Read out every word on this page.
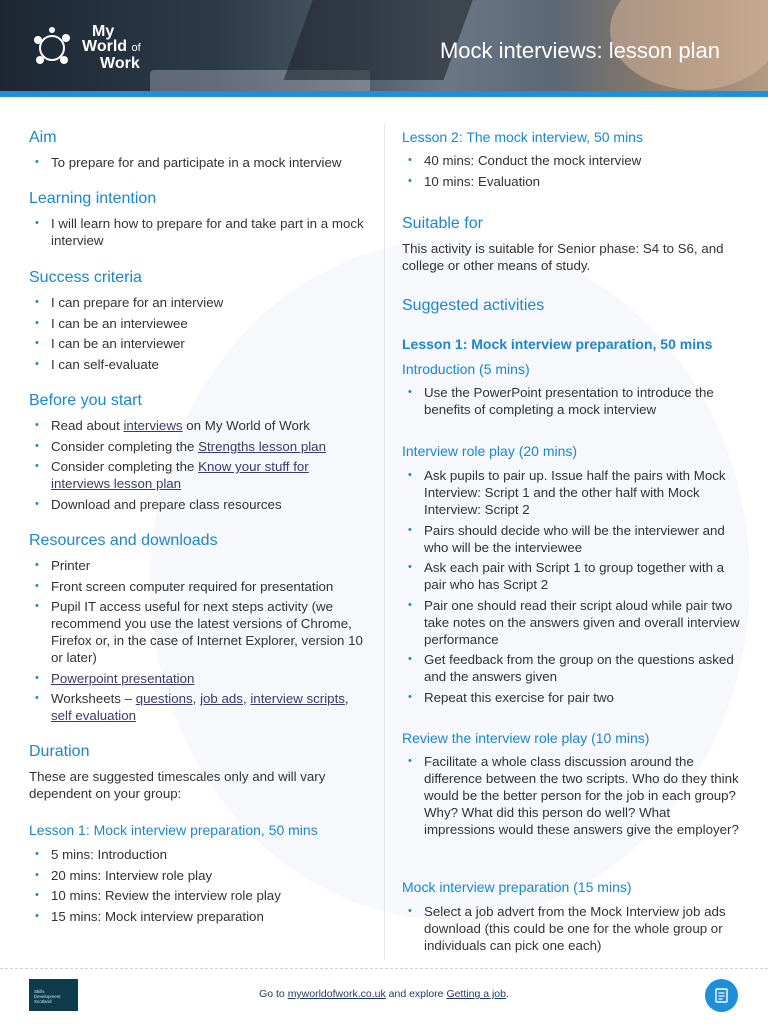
My
World of
Work
Mock interviews: lesson plan
Aim
• To prepare for and participate in a mock interview
Learning intention
• I will learn how to prepare for and take part in a mock interview
Success criteria
• I can prepare for an interview
• I can be an interviewee
• I can be an interviewer
• I can self-evaluate
Before you start
• Read about interviews on My World of Work
• Consider completing the Strengths lesson plan
• Consider completing the Know your stuff for interviews lesson plan
• Download and prepare class resources
Resources and downloads
• Printer
• Front screen computer required for presentation
• Pupil IT access useful for next steps activity (we recommend you use the latest versions of Chrome, Firefox or, in the case of Internet Explorer, version 10 or later)
• Powerpoint presentation
• Worksheets – questions, job ads, interview scripts, self evaluation
Duration

These are suggested timescales only and will vary dependent on your group:

Lesson 1: Mock interview preparation, 50 mins
• 5 mins: Introduction
• 20 mins: Interview role play
• 10 mins: Review the interview role play
• 15 mins: Mock interview preparation
Lesson 2: The mock interview, 50 mins
• 40 mins: Conduct the mock interview
• 10 mins: Evaluation
Suitable for

This activity is suitable for Senior phase: S4 to S6, and college or other means of study.

Suggested activities
Lesson 1: Mock interview preparation, 50 mins
Introduction (5 mins)
• Use the PowerPoint presentation to introduce the benefits of completing a mock interview
Interview role play (20 mins)
• Ask pupils to pair up. Issue half the pairs with Mock Interview: Script 1 and the other half with Mock Interview: Script 2
• Pairs should decide who will be the interviewer and who will be the interviewee
• Ask each pair with Script 1 to group together with a pair who has Script 2
• Pair one should read their script aloud while pair two take notes on the answers given and overall interview performance
• Get feedback from the group on the questions asked and the answers given
• Repeat this exercise for pair two
Review the interview role play (10 mins)
• Facilitate a whole class discussion around the difference between the two scripts. Who do they think would be the better person for the job in each group? Why? What did this person do well? What impressions would these answers give the employer?
Mock interview preparation (15 mins)
• Select a job advert from the Mock Interview job ads download (this could be one for the whole group or individuals can pick one each)
Skills Development Scotland
Go to myworldofwork.co.uk and explore Getting a job.
